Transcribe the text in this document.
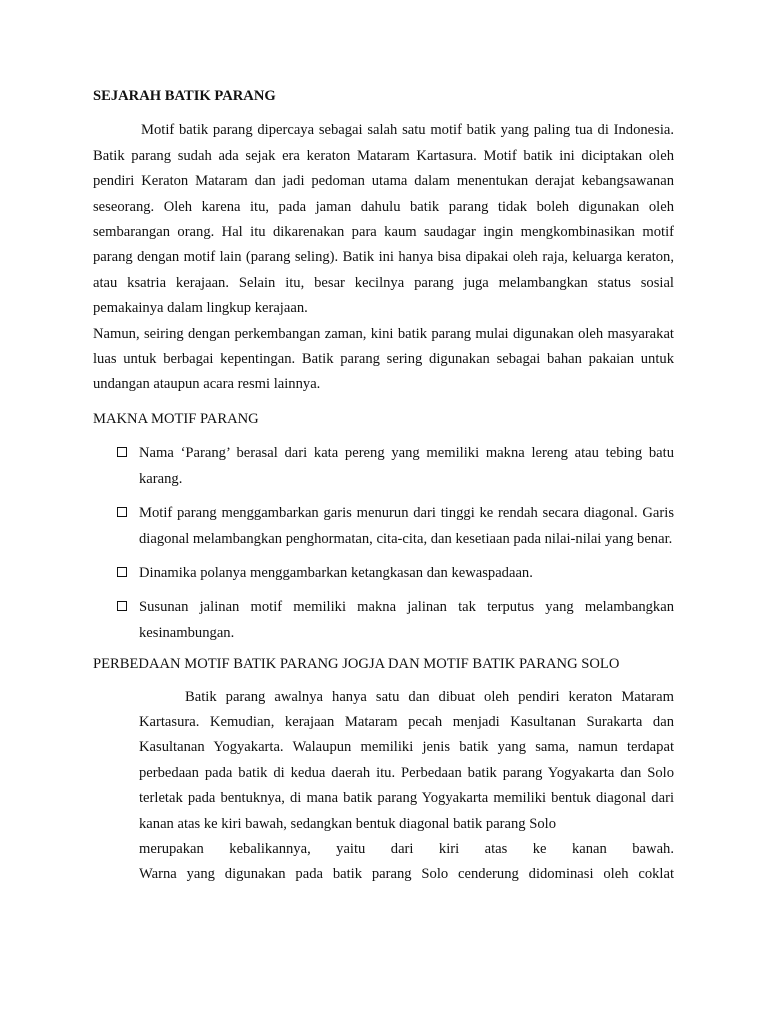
SEJARAH BATIK PARANG

Motif batik parang dipercaya sebagai salah satu motif batik yang paling tua di Indonesia. Batik parang sudah ada sejak era keraton Mataram Kartasura. Motif batik ini diciptakan oleh pendiri Keraton Mataram dan jadi pedoman utama dalam menentukan derajat kebangsawanan seseorang. Oleh karena itu, pada jaman dahulu batik parang tidak boleh digunakan oleh sembarangan orang. Hal itu dikarenakan para kaum saudagar ingin mengkombinasikan motif parang dengan motif lain (parang seling). Batik ini hanya bisa dipakai oleh raja, keluarga keraton, atau ksatria kerajaan. Selain itu, besar kecilnya parang juga melambangkan status sosial pemakainya dalam lingkup kerajaan.

Namun, seiring dengan perkembangan zaman, kini batik parang mulai digunakan oleh masyarakat luas untuk berbagai kepentingan. Batik parang sering digunakan sebagai bahan pakaian untuk undangan ataupun acara resmi lainnya.

MAKNA MOTIF PARANG
Nama ‘Parang’ berasal dari kata pereng yang memiliki makna lereng atau tebing batu karang.
Motif parang menggambarkan garis menurun dari tinggi ke rendah secara diagonal. Garis diagonal melambangkan penghormatan, cita-cita, dan kesetiaan pada nilai-nilai yang benar.
Dinamika polanya menggambarkan ketangkasan dan kewaspadaan.
Susunan jalinan motif memiliki makna jalinan tak terputus yang melambangkan kesinambungan.
PERBEDAAN MOTIF BATIK PARANG JOGJA DAN MOTIF BATIK PARANG SOLO

Batik parang awalnya hanya satu dan dibuat oleh pendiri keraton Mataram Kartasura. Kemudian, kerajaan Mataram pecah menjadi Kasultanan Surakarta dan Kasultanan Yogyakarta. Walaupun memiliki jenis batik yang sama, namun terdapat perbedaan pada batik di kedua daerah itu. Perbedaan batik parang Yogyakarta dan Solo terletak pada bentuknya, di mana batik parang Yogyakarta memiliki bentuk diagonal dari kanan atas ke kiri bawah, sedangkan bentuk diagonal batik parang Solo

merupakan kebalikannya, yaitu dari kiri atas ke kanan bawah.

Warna yang digunakan pada batik parang Solo cenderung didominasi oleh coklat
